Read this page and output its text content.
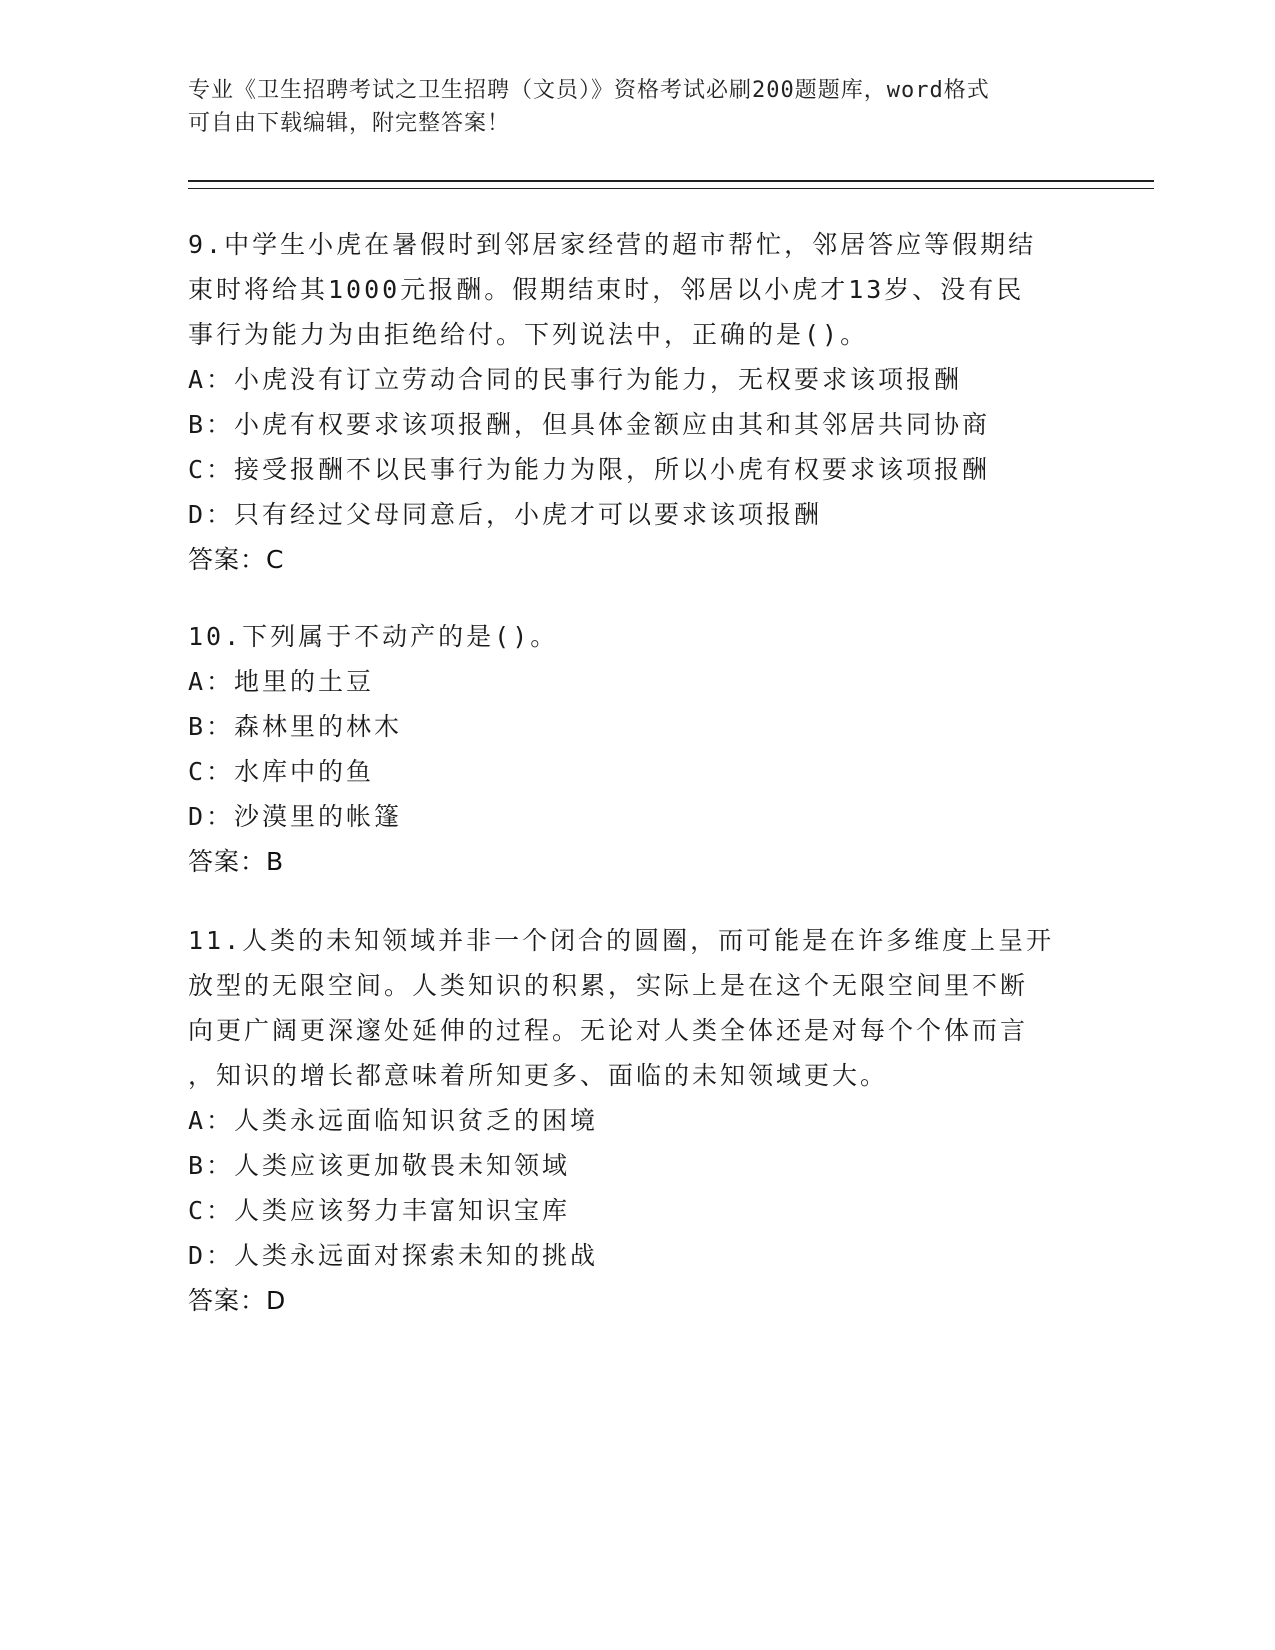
专业《卫生招聘考试之卫生招聘（文员）》资格考试必刷200题题库，word格式
可自由下载编辑，附完整答案！

9.中学生小虎在暑假时到邻居家经营的超市帮忙，邻居答应等假期结

束时将给其1000元报酬。假期结束时，邻居以小虎才13岁、没有民

事行为能力为由拒绝给付。下列说法中，正确的是()。

A：小虎没有订立劳动合同的民事行为能力，无权要求该项报酬

B：小虎有权要求该项报酬，但具体金额应由其和其邻居共同协商

C：接受报酬不以民事行为能力为限，所以小虎有权要求该项报酬

D：只有经过父母同意后，小虎才可以要求该项报酬

答案：C

10.下列属于不动产的是()。

A：地里的土豆

B：森林里的林木

C：水库中的鱼

D：沙漠里的帐篷

答案：B

11.人类的未知领域并非一个闭合的圆圈，而可能是在许多维度上呈开

放型的无限空间。人类知识的积累，实际上是在这个无限空间里不断

向更广阔更深邃处延伸的过程。无论对人类全体还是对每个个体而言

，知识的增长都意味着所知更多、面临的未知领域更大。

A：人类永远面临知识贫乏的困境

B：人类应该更加敬畏未知领域

C：人类应该努力丰富知识宝库

D：人类永远面对探索未知的挑战

答案：D
